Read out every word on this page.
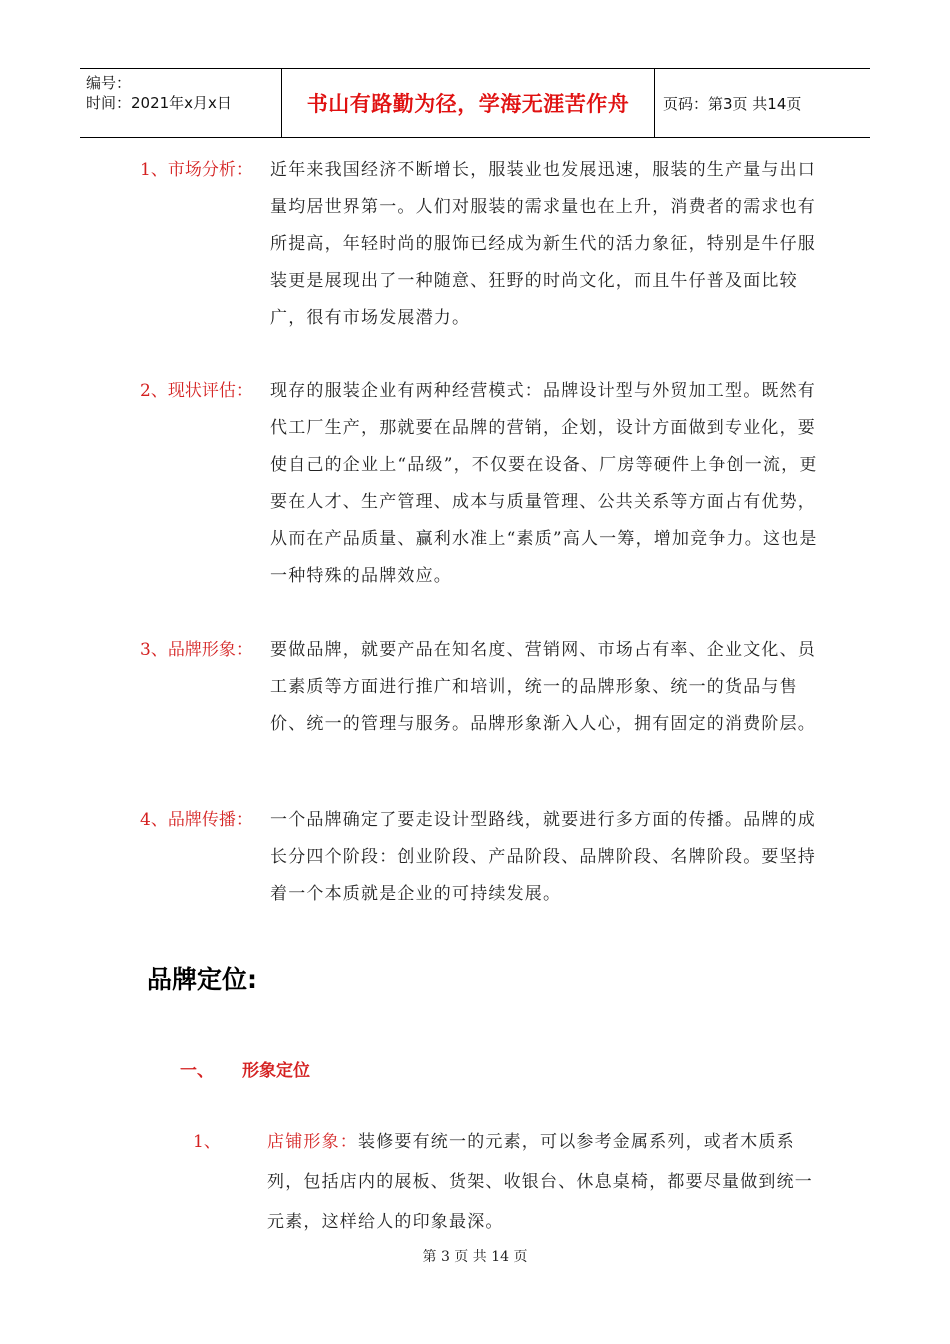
编号：
时间：2021年x月x日	书山有路勤为径，学海无涯苦作舟	页码：第3页 共14页
1、市场分析： 近年来我国经济不断增长，服装业也发展迅速，服装的生产量与出口量均居世界第一。人们对服装的需求量也在上升，消费者的需求也有所提高，年轻时尚的服饰已经成为新生代的活力象征，特别是牛仔服装更是展现出了一种随意、狂野的时尚文化，而且牛仔普及面比较广，很有市场发展潜力。
2、现状评估： 现存的服装企业有两种经营模式：品牌设计型与外贸加工型。既然有代工厂生产，那就要在品牌的营销，企划，设计方面做到专业化，要使自己的企业上“品级”，不仅要在设备、厂房等硬件上争创一流，更要在人才、生产管理、成本与质量管理、公共关系等方面占有优势，从而在产品质量、赢利水准上“素质”高人一筹，增加竞争力。这也是一种特殊的品牌效应。
3、品牌形象： 要做品牌，就要产品在知名度、营销网、市场占有率、企业文化、员工素质等方面进行推广和培训，统一的品牌形象、统一的货品与售价、统一的管理与服务。品牌形象渐入人心，拥有固定的消费阶层。
4、品牌传播： 一个品牌确定了要走设计型路线，就要进行多方面的传播。品牌的成长分四个阶段：创业阶段、产品阶段、品牌阶段、名牌阶段。要坚持着一个本质就是企业的可持续发展。
品牌定位:
一、 形象定位
1、	店铺形象：装修要有统一的元素，可以参考金属系列，或者木质系列，包括店内的展板、货架、收银台、休息桌椅，都要尽量做到统一元素，这样给人的印象最深。
第 3 页 共 14 页
